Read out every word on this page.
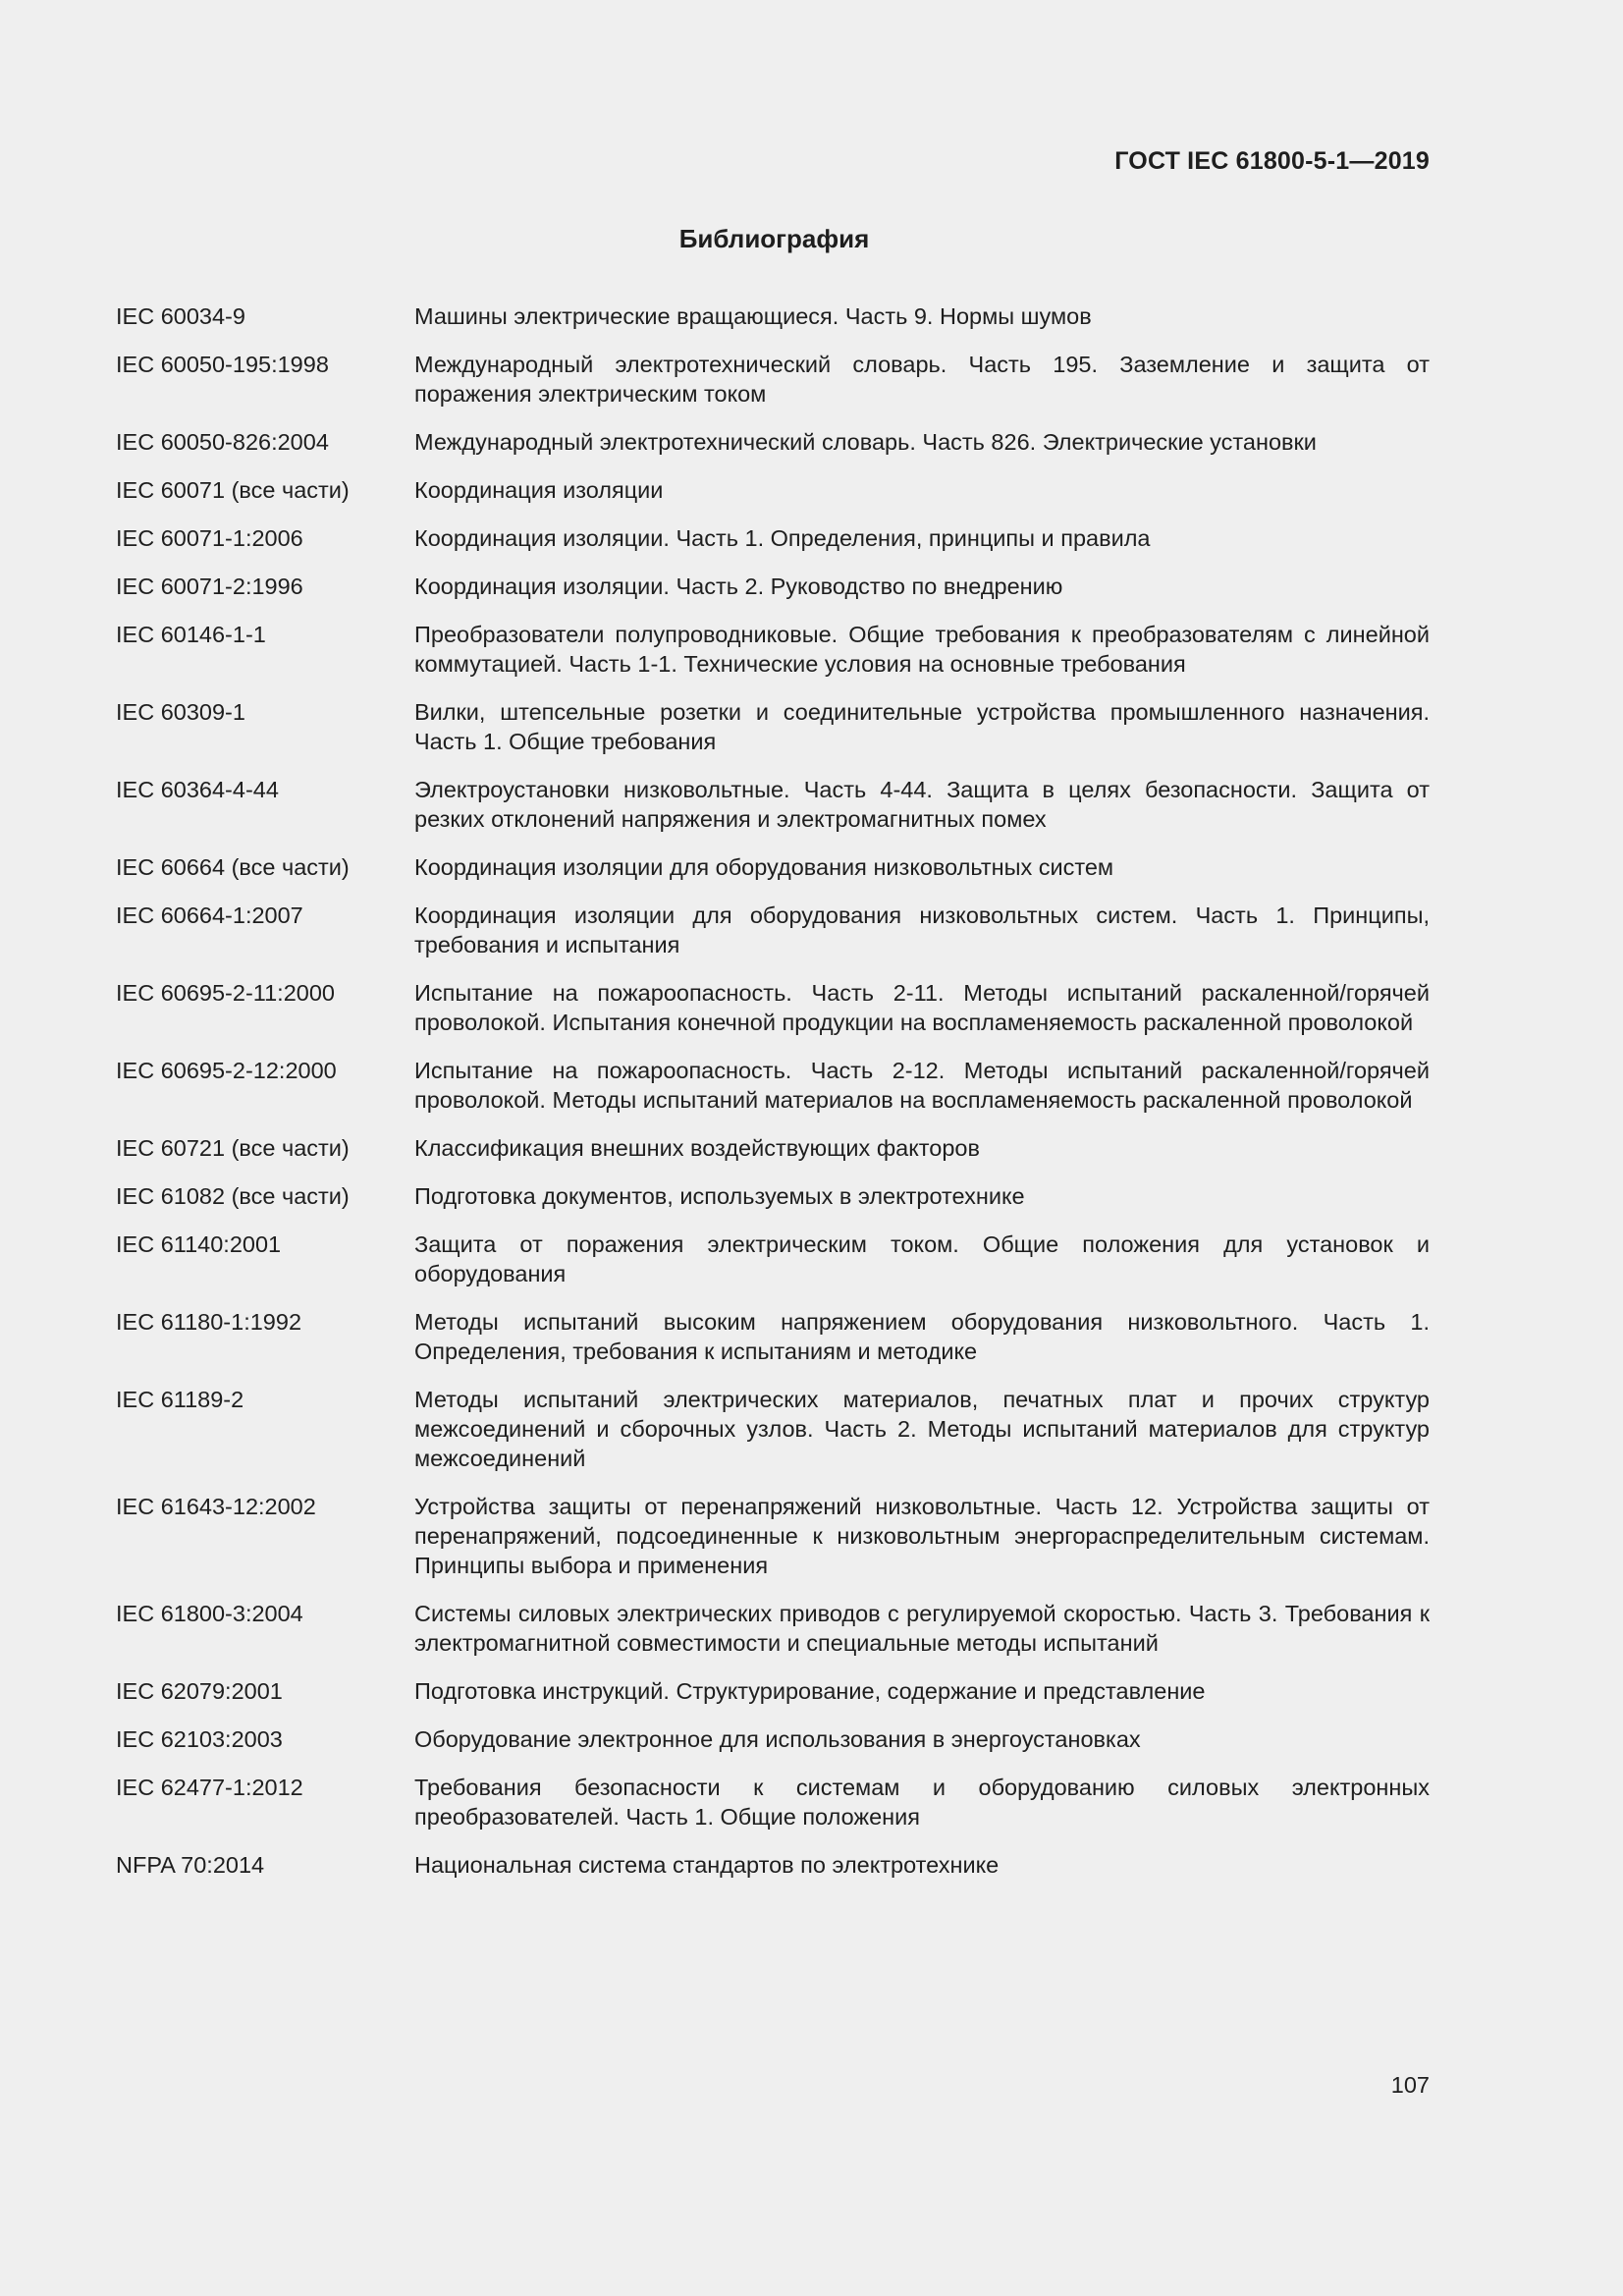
ГОСТ IEC 61800-5-1—2019
Библиография
IEC 60034-9	Машины электрические вращающиеся. Часть 9. Нормы шумов
IEC 60050-195:1998	Международный электротехнический словарь. Часть 195. Заземление и защита от поражения электрическим током
IEC 60050-826:2004	Международный электротехнический словарь. Часть 826. Электрические установки
IEC 60071 (все части)	Координация изоляции
IEC 60071-1:2006	Координация изоляции. Часть 1. Определения, принципы и правила
IEC 60071-2:1996	Координация изоляции. Часть 2. Руководство по внедрению
IEC 60146-1-1	Преобразователи полупроводниковые. Общие требования к преобразователям с линейной коммутацией. Часть 1-1. Технические условия на основные требования
IEC 60309-1	Вилки, штепсельные розетки и соединительные устройства промышленного назначения. Часть 1. Общие требования
IEC 60364-4-44	Электроустановки низковольтные. Часть 4-44. Защита в целях безопасности. Защита от резких отклонений напряжения и электромагнитных помех
IEC 60664 (все части)	Координация изоляции для оборудования низковольтных систем
IEC 60664-1:2007	Координация изоляции для оборудования низковольтных систем. Часть 1. Принципы, требования и испытания
IEC 60695-2-11:2000	Испытание на пожароопасность. Часть 2-11. Методы испытаний раскаленной/горячей проволокой. Испытания конечной продукции на воспламеняемость раскаленной проволокой
IEC 60695-2-12:2000	Испытание на пожароопасность. Часть 2-12. Методы испытаний раскаленной/горячей проволокой. Методы испытаний материалов на воспламеняемость раскаленной проволокой
IEC 60721 (все части)	Классификация внешних воздействующих факторов
IEC 61082 (все части)	Подготовка документов, используемых в электротехнике
IEC 61140:2001	Защита от поражения электрическим током. Общие положения для установок и оборудования
IEC 61180-1:1992	Методы испытаний высоким напряжением оборудования низковольтного. Часть 1. Определения, требования к испытаниям и методике
IEC 61189-2	Методы испытаний электрических материалов, печатных плат и прочих структур межсоединений и сборочных узлов. Часть 2. Методы испытаний материалов для структур межсоединений
IEC 61643-12:2002	Устройства защиты от перенапряжений низковольтные. Часть 12. Устройства защиты от перенапряжений, подсоединенные к низковольтным энергораспределительным системам. Принципы выбора и применения
IEC 61800-3:2004	Системы силовых электрических приводов с регулируемой скоростью. Часть 3. Требования к электромагнитной совместимости и специальные методы испытаний
IEC 62079:2001	Подготовка инструкций. Структурирование, содержание и представление
IEC 62103:2003	Оборудование электронное для использования в энергоустановках
IEC 62477-1:2012	Требования безопасности к системам и оборудованию силовых электронных преобразователей. Часть 1. Общие положения
NFPA 70:2014	Национальная система стандартов по электротехнике
107
